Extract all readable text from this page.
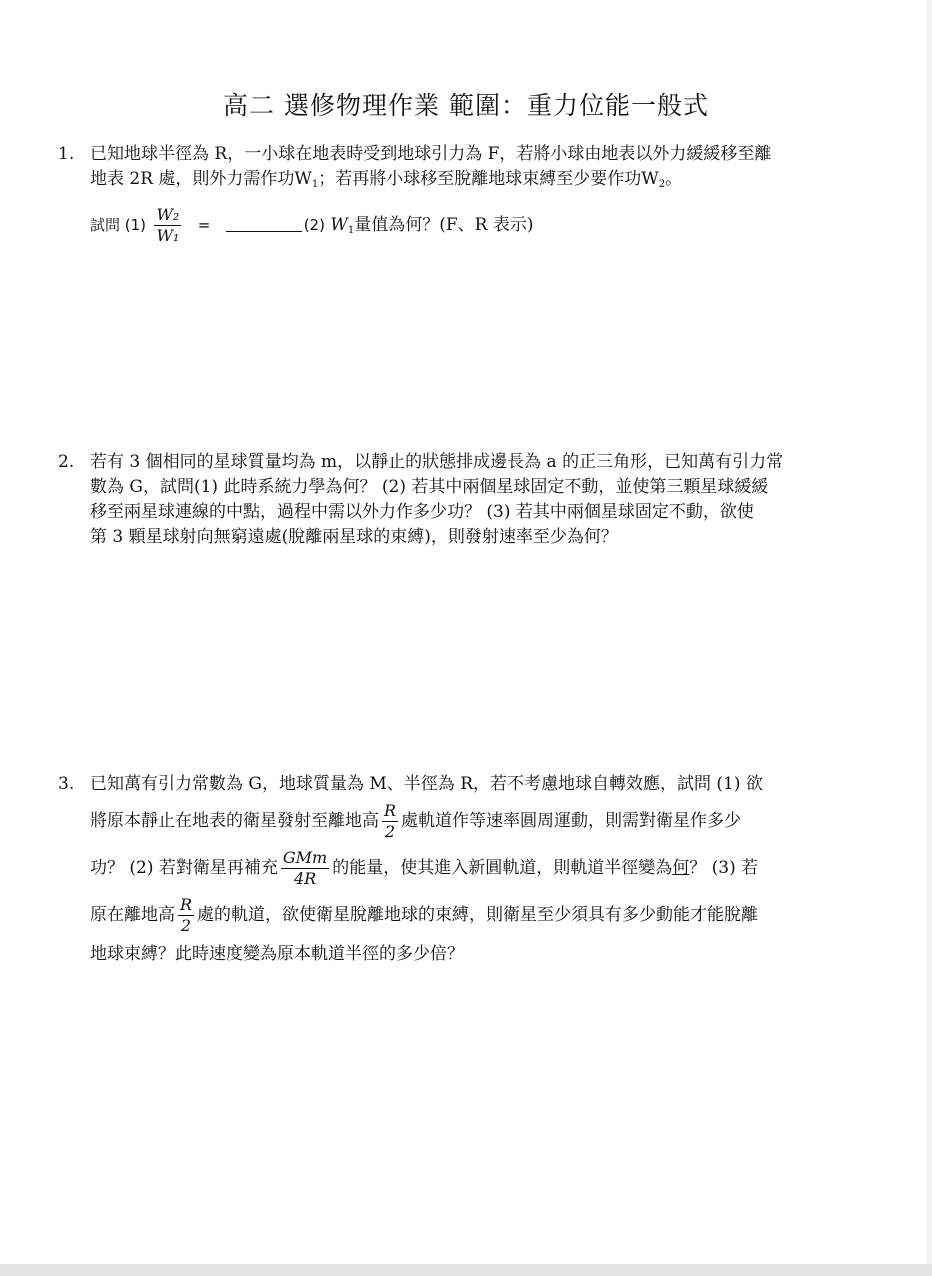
高二 選修物理作業 範圍：重力位能一般式
1. 已知地球半徑為 R，一小球在地表時受到地球引力為 F，若將小球由地表以外力緩緩移至離
地表 2R 處，則外力需作功$W_1$；若再將小球移至脫離地球束縛至少要作功$W_2$。
試問 $(1) \frac{\text{W₂}}{\text{W₁}}$ =	(2) $W_1$量值為何？(F、R 表示)
2. 若有 3 個相同的星球質量均為 m，以靜止的狀態排成邊長為 a 的正三角形，已知萬有引力常
數為 G，試問(1) 此時系統力學為何？ (2) 若其中兩個星球固定不動，並使第三顆星球緩緩
移至兩星球連線的中點，過程中需以外力作多少功？ (3) 若其中兩個星球固定不動，欲使
第 3 顆星球射向無窮遠處(脫離兩星球的束縛)，則發射速率至少為何？
3. 已知萬有引力常數為 G，地球質量為 M、半徑為 R，若不考慮地球自轉效應，試問 (1) 欲
將原本靜止在地表的衛星發射至離地高 $\frac{R}{2}$ 處軌道作等速率圓周運動，則需對衛星作多少
功？ (2) 若對衛星再補充 $\frac{\text{GMm}}{4R}$ 的能量，使其進入新圓軌道，則軌道半徑變為何？ (3) 若
原在離地高 $\frac{R}{2}$ 處的軌道，欲使衛星脫離地球的束縛，則衛星至少須具有多少動能才能脫離
地球束縛？此時速度變為原本軌道半徑的多少倍？
